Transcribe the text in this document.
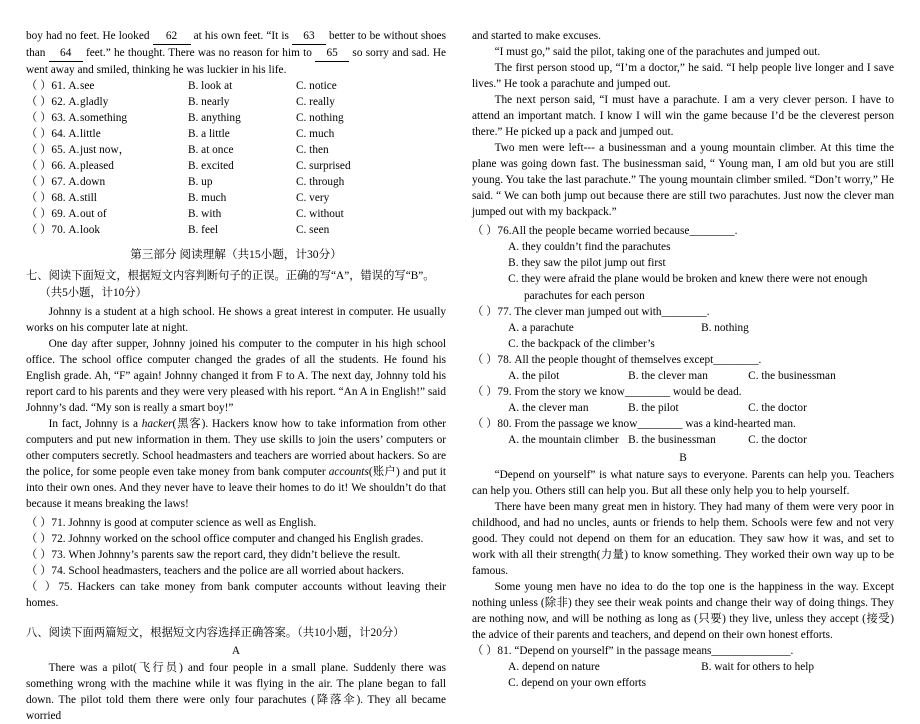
boy had no feet. He looked 62 at his own feet. “It is 63 better to be without shoes than 64 feet.” he thought. There was no reason for him to 65 so sorry and sad. He went away and smiled, thinking he was luckier in his life.
（ ）61. A. see	B. look at	C. notice
（ ）62. A. gladly	B. nearly	C. really
（ ）63. A. something	B. anything	C. nothing
（ ）64. A. little	B. a little	C. much
（ ）65. A. just now，	B. at once	C. then
（ ）66. A. pleased	B. excited	C. surprised
（ ）67. A. down	B. up	C. through
（ ）68. A. still	B. much	C. very
（ ）69. A. out of	B. with	C. without
（ ）70. A. look	B. feel	C. seen
第三部分 阅读理解（共15小题，计30分）
七、阅读下面短文，根据短文内容判断句子的正误。正确的写“A”，错误的写“B”。
（共5小题，计10分）
Johnny is a student at a high school. He shows a great interest in computer. He usually works on his computer late at night.
One day after supper, Johnny joined his computer to the computer in his high school office. The school office computer changed the grades of all the students. He found his English grade. Ah, “F” again! Johnny changed it from F to A. The next day, Johnny told his report card to his parents and they were very pleased with his report. “An A in English!” said Johnny’s dad. “My son is really a smart boy!”
In fact, Johnny is a hacker(黑客). Hackers know how to take information from other computers and put new information in them. They use skills to join the users’ computers or other computers secretly. School headmasters and teachers are worried about hackers. So are the police, for some people even take money from bank computer accounts(账户) and put it into their own ones. And they never have to leave their homes to do it! We shouldn’t do that because it means breaking the laws!
（ ）71. Johnny is good at computer science as well as English.
（ ）72. Johnny worked on the school office computer and changed his English grades.
（ ）73. When Johnny’s parents saw the report card, they didn’t believe the result.
（ ）74. School headmasters, teachers and the police are all worried about hackers.
（ ）75. Hackers can take money from bank computer accounts without leaving their homes.
八、阅读下面两篇短文，根据短文内容选择正确答案。（共10小题，计20分）
A
There was a pilot(飞行员) and four people in a small plane. Suddenly there was something wrong with the machine while it was flying in the air. The plane began to fall down. The pilot told them there were only four parachutes (降落伞). They all became worried
and started to make excuses.
“I must go,” said the pilot, taking one of the parachutes and jumped out.
The first person stood up, “I’m a doctor,” he said. “I help people live longer and I save lives.” He took a parachute and jumped out.
The next person said, “I must have a parachute. I am a very clever person. I have to attend an important match. I know I will win the game because I’d be the cleverest person there.” He picked up a pack and jumped out.
Two men were left--- a businessman and a young mountain climber. At this time the plane was going down fast. The businessman said, “ Young man, I am old but you are still young. You take the last parachute.” The young mountain climber smiled. “Don’t worry,” He said. “ We can both jump out because there are still two parachutes. Just now the clever man jumped out with my backpack.”
（ ）76.All the people became worried because________.
A. they couldn’t find the parachutes
B. they saw the pilot jump out first
C. they were afraid the plane would be broken and knew there were not enough
parachutes for each person
（ ）77. The clever man jumped out with________.
A. a parachute	B. nothing
C. the backpack of the climber’s
（ ）78. All the people thought of themselves except________.
A. the pilot	B. the clever man	C. the businessman
（ ）79. From the story we know________ would be dead.
A. the clever man	B. the pilot	C. the doctor
（ ）80. From the passage we know________ was a kind-hearted man.
A. the mountain climber B. the businessman	C. the doctor
B
“Depend on yourself” is what nature says to everyone. Parents can help you. Teachers can help you. Others still can help you. But all these only help you to help yourself.
There have been many great men in history. They had many of them were very poor in childhood, and had no uncles, aunts or friends to help them. Schools were few and not very good. They could not depend on them for an education. They saw how it was, and set to work with all their strength(力量) to know something. They worked their own way up to be famous.
Some young men have no idea to do the top one is the happiness in the way. Except nothing unless (除非) they see their weak points and change their way of doing things. They are nothing now, and will be nothing as long as (只要) they live, unless they accept (接受) the advice of their parents and teachers, and depend on their own honest efforts.
（ ）81. “Depend on yourself” in the passage means______________.
A. depend on nature	B. wait for others to help
C. depend on your own efforts
